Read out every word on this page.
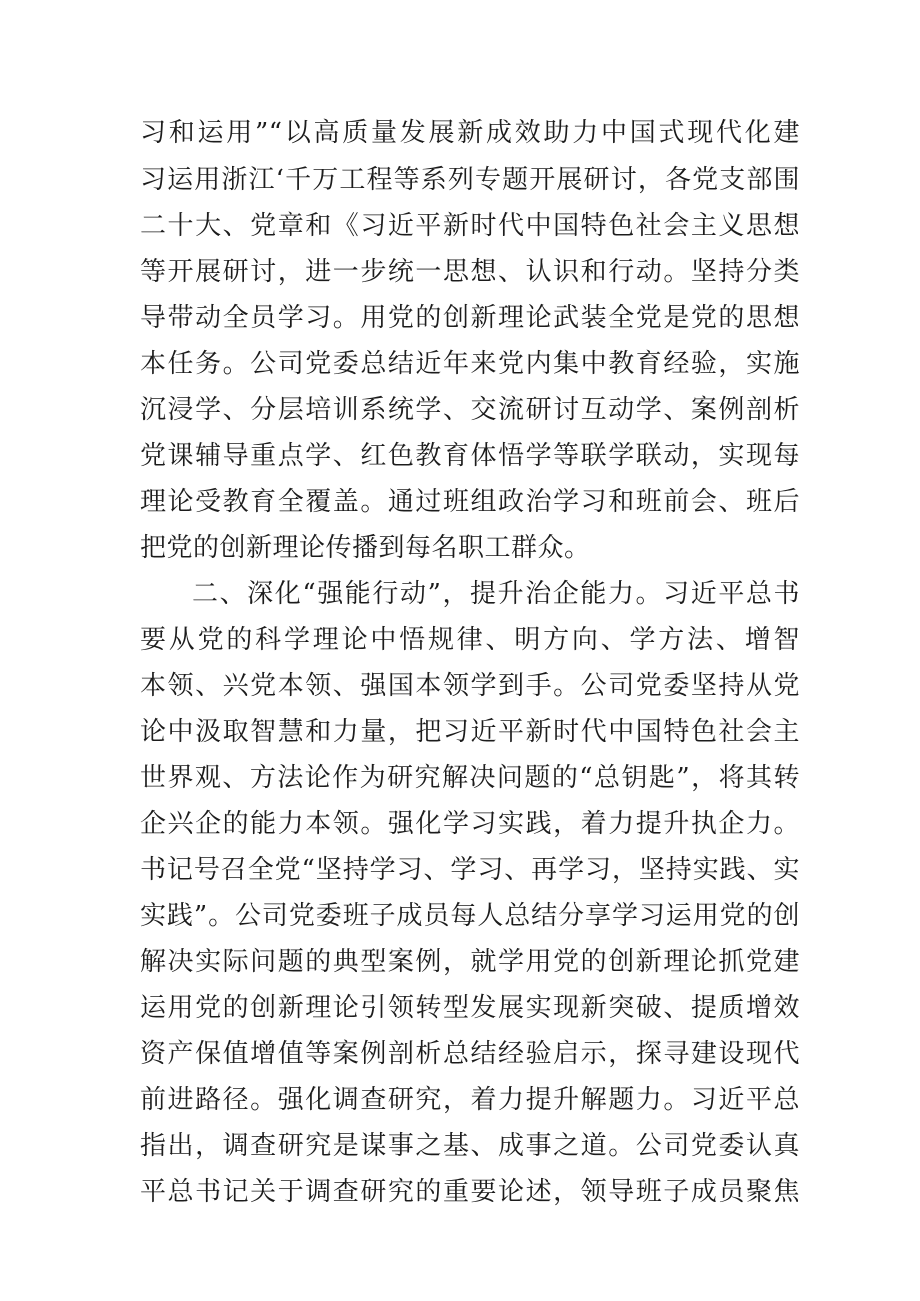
习和运用”“以高质量发展新成效助力中国式现代化建
习运用浙江‘千万工程等系列专题开展研讨，各党支部围
二十大、党章和《习近平新时代中国特色社会主义思想
等开展研讨，进一步统一思想、认识和行动。坚持分类
导带动全员学习。用党的创新理论武装全党是党的思想
本任务。公司党委总结近年来党内集中教育经验，实施
沉浸学、分层培训系统学、交流研讨互动学、案例剖析
党课辅导重点学、红色教育体悟学等联学联动，实现每
理论受教育全覆盖。通过班组政治学习和班前会、班后
把党的创新理论传播到每名职工群众。
二、深化“强能行动”，提升治企能力。习近平总书
要从党的科学理论中悟规律、明方向、学方法、增智
本领、兴党本领、强国本领学到手。公司党委坚持从党
论中汲取智慧和力量，把习近平新时代中国特色社会主
世界观、方法论作为研究解决问题的“总钥匙”，将其转
企兴企的能力本领。强化学习实践，着力提升执企力。
书记号召全党“坚持学习、学习、再学习，坚持实践、实
实践”。公司党委班子成员每人总结分享学习运用党的创
解决实际问题的典型案例，就学用党的创新理论抓党建
运用党的创新理论引领转型发展实现新突破、提质增效
资产保值增值等案例剖析总结经验启示，探寻建设现代
前进路径。强化调查研究，着力提升解题力。习近平总
指出，调查研究是谋事之基、成事之道。公司党委认真
平总书记关于调查研究的重要论述，领导班子成员聚焦
